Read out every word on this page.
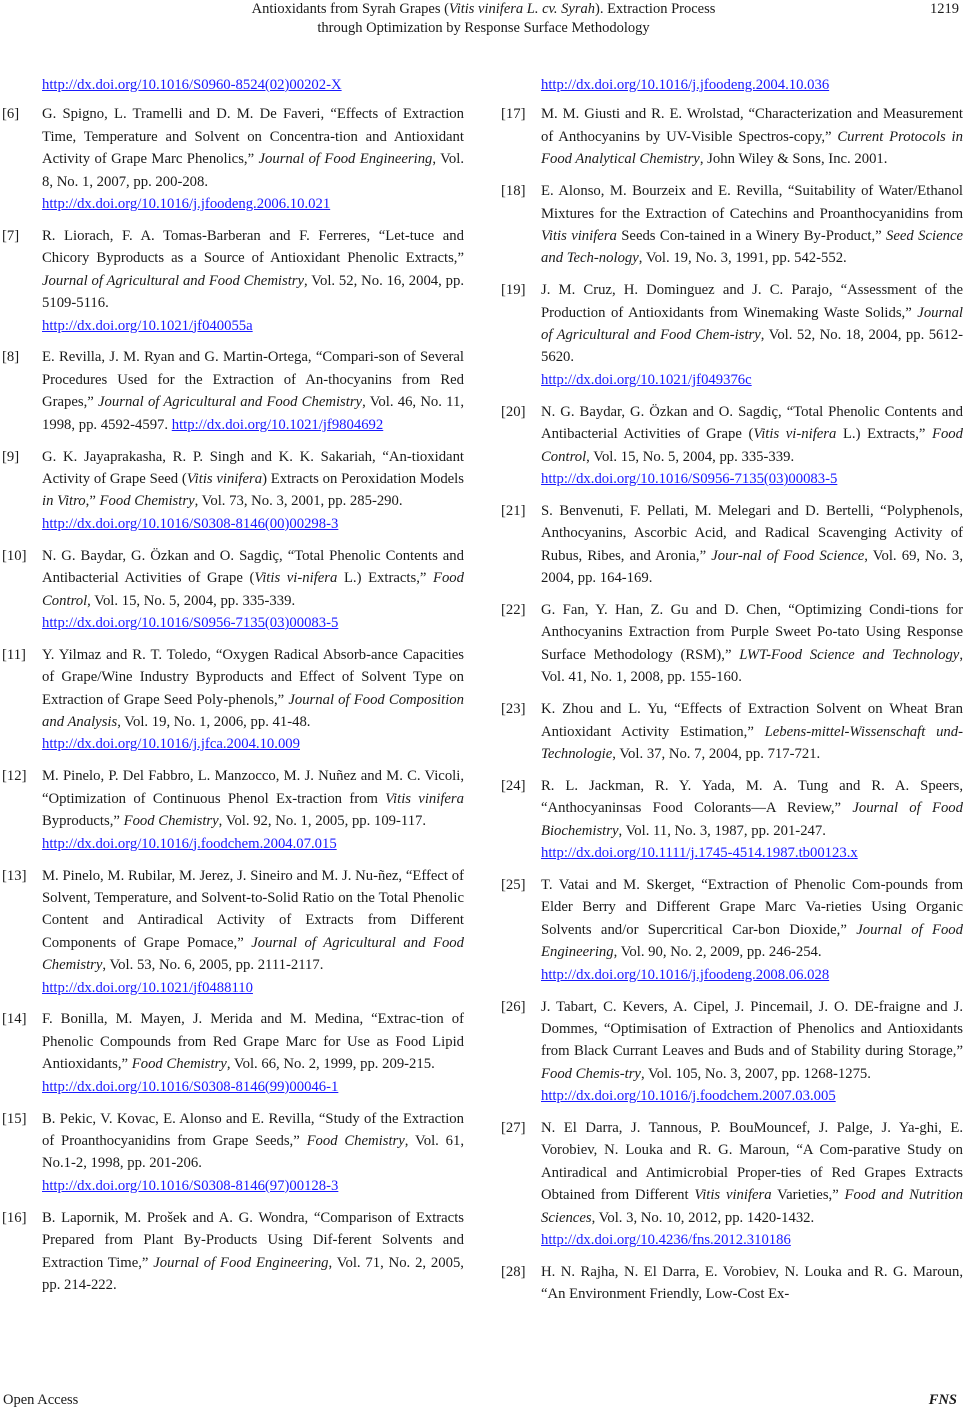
Antioxidants from Syrah Grapes (Vitis vinifera L. cv. Syrah). Extraction Process
through Optimization by Response Surface Methodology
1219
http://dx.doi.org/10.1016/S0960-8524(02)00202-X
[6] G. Spigno, L. Tramelli and D. M. De Faveri, “Effects of Extraction Time, Temperature and Solvent on Concentra-tion and Antioxidant Activity of Grape Marc Phenolics,” Journal of Food Engineering, Vol. 8, No. 1, 2007, pp. 200-208.
http://dx.doi.org/10.1016/j.jfoodeng.2006.10.021
[7] R. Liorach, F. A. Tomas-Barberan and F. Ferreres, “Let-tuce and Chicory Byproducts as a Source of Antioxidant Phenolic Extracts,” Journal of Agricultural and Food Chemistry, Vol. 52, No. 16, 2004, pp. 5109-5116.
http://dx.doi.org/10.1021/jf040055a
[8] E. Revilla, J. M. Ryan and G. Martin-Ortega, “Compari-son of Several Procedures Used for the Extraction of An-thocyanins from Red Grapes,” Journal of Agricultural and Food Chemistry, Vol. 46, No. 11, 1998, pp. 4592-4597. http://dx.doi.org/10.1021/jf9804692
[9] G. K. Jayaprakasha, R. P. Singh and K. K. Sakariah, “An-tioxidant Activity of Grape Seed (Vitis vinifera) Extracts on Peroxidation Models in Vitro,” Food Chemistry, Vol. 73, No. 3, 2001, pp. 285-290.
http://dx.doi.org/10.1016/S0308-8146(00)00298-3
[10] N. G. Baydar, G. Özkan and O. Sagdiç, “Total Phenolic Contents and Antibacterial Activities of Grape (Vitis vi-nifera L.) Extracts,” Food Control, Vol. 15, No. 5, 2004, pp. 335-339.
http://dx.doi.org/10.1016/S0956-7135(03)00083-5
[11] Y. Yilmaz and R. T. Toledo, “Oxygen Radical Absorb-ance Capacities of Grape/Wine Industry Byproducts and Effect of Solvent Type on Extraction of Grape Seed Poly-phenols,” Journal of Food Composition and Analysis, Vol. 19, No. 1, 2006, pp. 41-48.
http://dx.doi.org/10.1016/j.jfca.2004.10.009
[12] M. Pinelo, P. Del Fabbro, L. Manzocco, M. J. Nuñez and M. C. Vicoli, “Optimization of Continuous Phenol Ex-traction from Vitis vinifera Byproducts,” Food Chemistry, Vol. 92, No. 1, 2005, pp. 109-117.
http://dx.doi.org/10.1016/j.foodchem.2004.07.015
[13] M. Pinelo, M. Rubilar, M. Jerez, J. Sineiro and M. J. Nu-ñez, “Effect of Solvent, Temperature, and Solvent-to-Solid Ratio on the Total Phenolic Content and Antiradical Activity of Extracts from Different Components of Grape Pomace,” Journal of Agricultural and Food Chemistry, Vol. 53, No. 6, 2005, pp. 2111-2117.
http://dx.doi.org/10.1021/jf0488110
[14] F. Bonilla, M. Mayen, J. Merida and M. Medina, “Extrac-tion of Phenolic Compounds from Red Grape Marc for Use as Food Lipid Antioxidants,” Food Chemistry, Vol. 66, No. 2, 1999, pp. 209-215.
http://dx.doi.org/10.1016/S0308-8146(99)00046-1
[15] B. Pekic, V. Kovac, E. Alonso and E. Revilla, “Study of the Extraction of Proanthocyanidins from Grape Seeds,” Food Chemistry, Vol. 61, No.1-2, 1998, pp. 201-206.
http://dx.doi.org/10.1016/S0308-8146(97)00128-3
[16] B. Lapornik, M. Prošek and A. G. Wondra, “Comparison of Extracts Prepared from Plant By-Products Using Dif-ferent Solvents and Extraction Time,” Journal of Food Engineering, Vol. 71, No. 2, 2005, pp. 214-222.
http://dx.doi.org/10.1016/j.jfoodeng.2004.10.036
[17] M. M. Giusti and R. E. Wrolstad, “Characterization and Measurement of Anthocyanins by UV-Visible Spectros-copy,” Current Protocols in Food Analytical Chemistry, John Wiley & Sons, Inc. 2001.
[18] E. Alonso, M. Bourzeix and E. Revilla, “Suitability of Water/Ethanol Mixtures for the Extraction of Catechins and Proanthocyanidins from Vitis vinifera Seeds Con-tained in a Winery By-Product,” Seed Science and Tech-nology, Vol. 19, No. 3, 1991, pp. 542-552.
[19] J. M. Cruz, H. Dominguez and J. C. Parajo, “Assessment of the Production of Antioxidants from Winemaking Waste Solids,” Journal of Agricultural and Food Chem-istry, Vol. 52, No. 18, 2004, pp. 5612-5620.
http://dx.doi.org/10.1021/jf049376c
[20] N. G. Baydar, G. Özkan and O. Sagdiç, “Total Phenolic Contents and Antibacterial Activities of Grape (Vitis vi-nifera L.) Extracts,” Food Control, Vol. 15, No. 5, 2004, pp. 335-339.
http://dx.doi.org/10.1016/S0956-7135(03)00083-5
[21] S. Benvenuti, F. Pellati, M. Melegari and D. Bertelli, “Polyphenols, Anthocyanins, Ascorbic Acid, and Radical Scavenging Activity of Rubus, Ribes, and Aronia,” Jour-nal of Food Science, Vol. 69, No. 3, 2004, pp. 164-169.
[22] G. Fan, Y. Han, Z. Gu and D. Chen, “Optimizing Condi-tions for Anthocyanins Extraction from Purple Sweet Po-tato Using Response Surface Methodology (RSM),” LWT-Food Science and Technology, Vol. 41, No. 1, 2008, pp. 155-160.
[23] K. Zhou and L. Yu, “Effects of Extraction Solvent on Wheat Bran Antioxidant Activity Estimation,” Lebens-mittel-Wissenschaft und-Technologie, Vol. 37, No. 7, 2004, pp. 717-721.
[24] R. L. Jackman, R. Y. Yada, M. A. Tung and R. A. Speers, “Anthocyaninsas Food Colorants—A Review,” Journal of Food Biochemistry, Vol. 11, No. 3, 1987, pp. 201-247.
http://dx.doi.org/10.1111/j.1745-4514.1987.tb00123.x
[25] T. Vatai and M. Skerget, “Extraction of Phenolic Com-pounds from Elder Berry and Different Grape Marc Va-rieties Using Organic Solvents and/or Supercritical Car-bon Dioxide,” Journal of Food Engineering, Vol. 90, No. 2, 2009, pp. 246-254.
http://dx.doi.org/10.1016/j.jfoodeng.2008.06.028
[26] J. Tabart, C. Kevers, A. Cipel, J. Pincemail, J. O. DE-fraigne and J. Dommes, “Optimisation of Extraction of Phenolics and Antioxidants from Black Currant Leaves and Buds and of Stability during Storage,” Food Chemis-try, Vol. 105, No. 3, 2007, pp. 1268-1275.
http://dx.doi.org/10.1016/j.foodchem.2007.03.005
[27] N. El Darra, J. Tannous, P. BouMouncef, J. Palge, J. Ya-ghi, E. Vorobiev, N. Louka and R. G. Maroun, “A Com-parative Study on Antiradical and Antimicrobial Proper-ties of Red Grapes Extracts Obtained from Different Vitis vinifera Varieties,” Food and Nutrition Sciences, Vol. 3, No. 10, 2012, pp. 1420-1432.
http://dx.doi.org/10.4236/fns.2012.310186
[28] H. N. Rajha, N. El Darra, E. Vorobiev, N. Louka and R. G. Maroun, “An Environment Friendly, Low-Cost Ex-
Open Access	FNS
